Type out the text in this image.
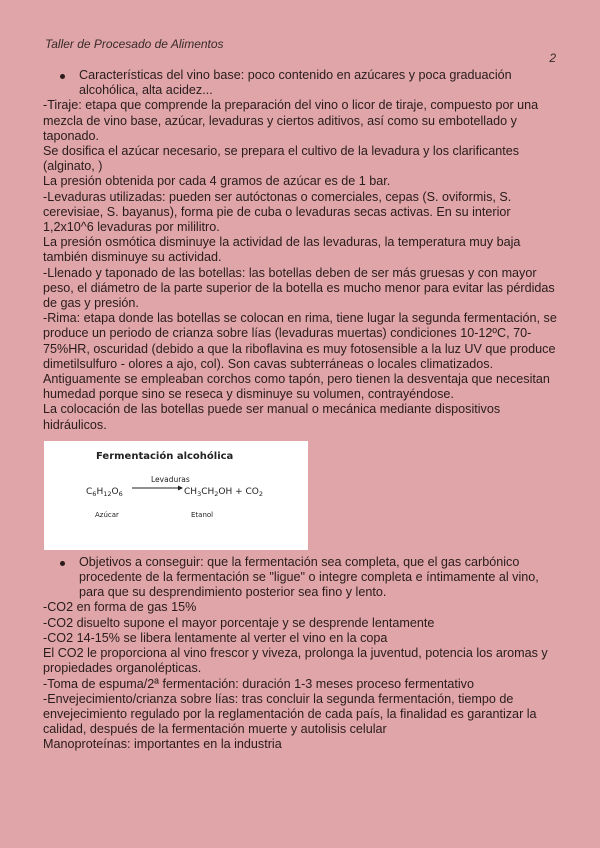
Taller de Procesado de Alimentos
2

Características del vino base: poco contenido en azúcares y poca graduación alcohólica, alta acidez...

-Tiraje: etapa que comprende la preparación del vino o licor de tiraje, compuesto por una mezcla de vino base, azúcar, levaduras y ciertos aditivos, así como su embotellado y taponado.

Se dosifica el azúcar necesario, se prepara el cultivo de la levadura y los clarificantes (alginato, )

La presión obtenida por cada 4 gramos de azúcar es de 1 bar.

-Levaduras utilizadas: pueden ser autóctonas o comerciales, cepas (S. oviformis, S. cerevisiae, S. bayanus), forma pie de cuba o levaduras secas activas. En su interior 1,2x10^6 levaduras por mililitro.

La presión osmótica disminuye la actividad de las levaduras, la temperatura muy baja también disminuye su actividad.

-Llenado y taponado de las botellas: las botellas deben de ser más gruesas y con mayor peso, el diámetro de la parte superior de la botella es mucho menor para evitar las pérdidas de gas y presión.

-Rima: etapa donde las botellas se colocan en rima, tiene lugar la segunda fermentación, se produce un periodo de crianza sobre lías (levaduras muertas) condiciones 10-12ºC, 70-75%HR, oscuridad (debido a que la riboflavina es muy fotosensible a la luz UV que produce dimetilsulfuro - olores a ajo, col). Son cavas subterráneas o locales climatizados.

Antiguamente se empleaban corchos como tapón, pero tienen la desventaja que necesitan humedad porque sino se reseca y disminuye su volumen, contrayéndose.

La colocación de las botellas puede ser manual o mecánica mediante dispositivos hidráulicos.

Fermentación alcohólica
Levaduras
$C_6H_{12}O_6$	$CH_3CH_2OH + CO_2$
Azúcar	Etanol

Objetivos a conseguir: que la fermentación sea completa, que el gas carbónico procedente de la fermentación se "ligue" o integre completa e íntimamente al vino, para que su desprendimiento posterior sea fino y lento.

-CO2 en forma de gas 15%

-CO2 disuelto supone el mayor porcentaje y se desprende lentamente

-CO2 14-15% se libera lentamente al verter el vino en la copa

El CO2 le proporciona al vino frescor y viveza, prolonga la juventud, potencia los aromas y propiedades organolépticas.

-Toma de espuma/2ª fermentación: duración 1-3 meses proceso fermentativo

-Envejecimiento/crianza sobre lías: tras concluir la segunda fermentación, tiempo de envejecimiento regulado por la reglamentación de cada país, la finalidad es garantizar la calidad, después de la fermentación muerte y autolisis celular

Manoproteínas: importantes en la industria
